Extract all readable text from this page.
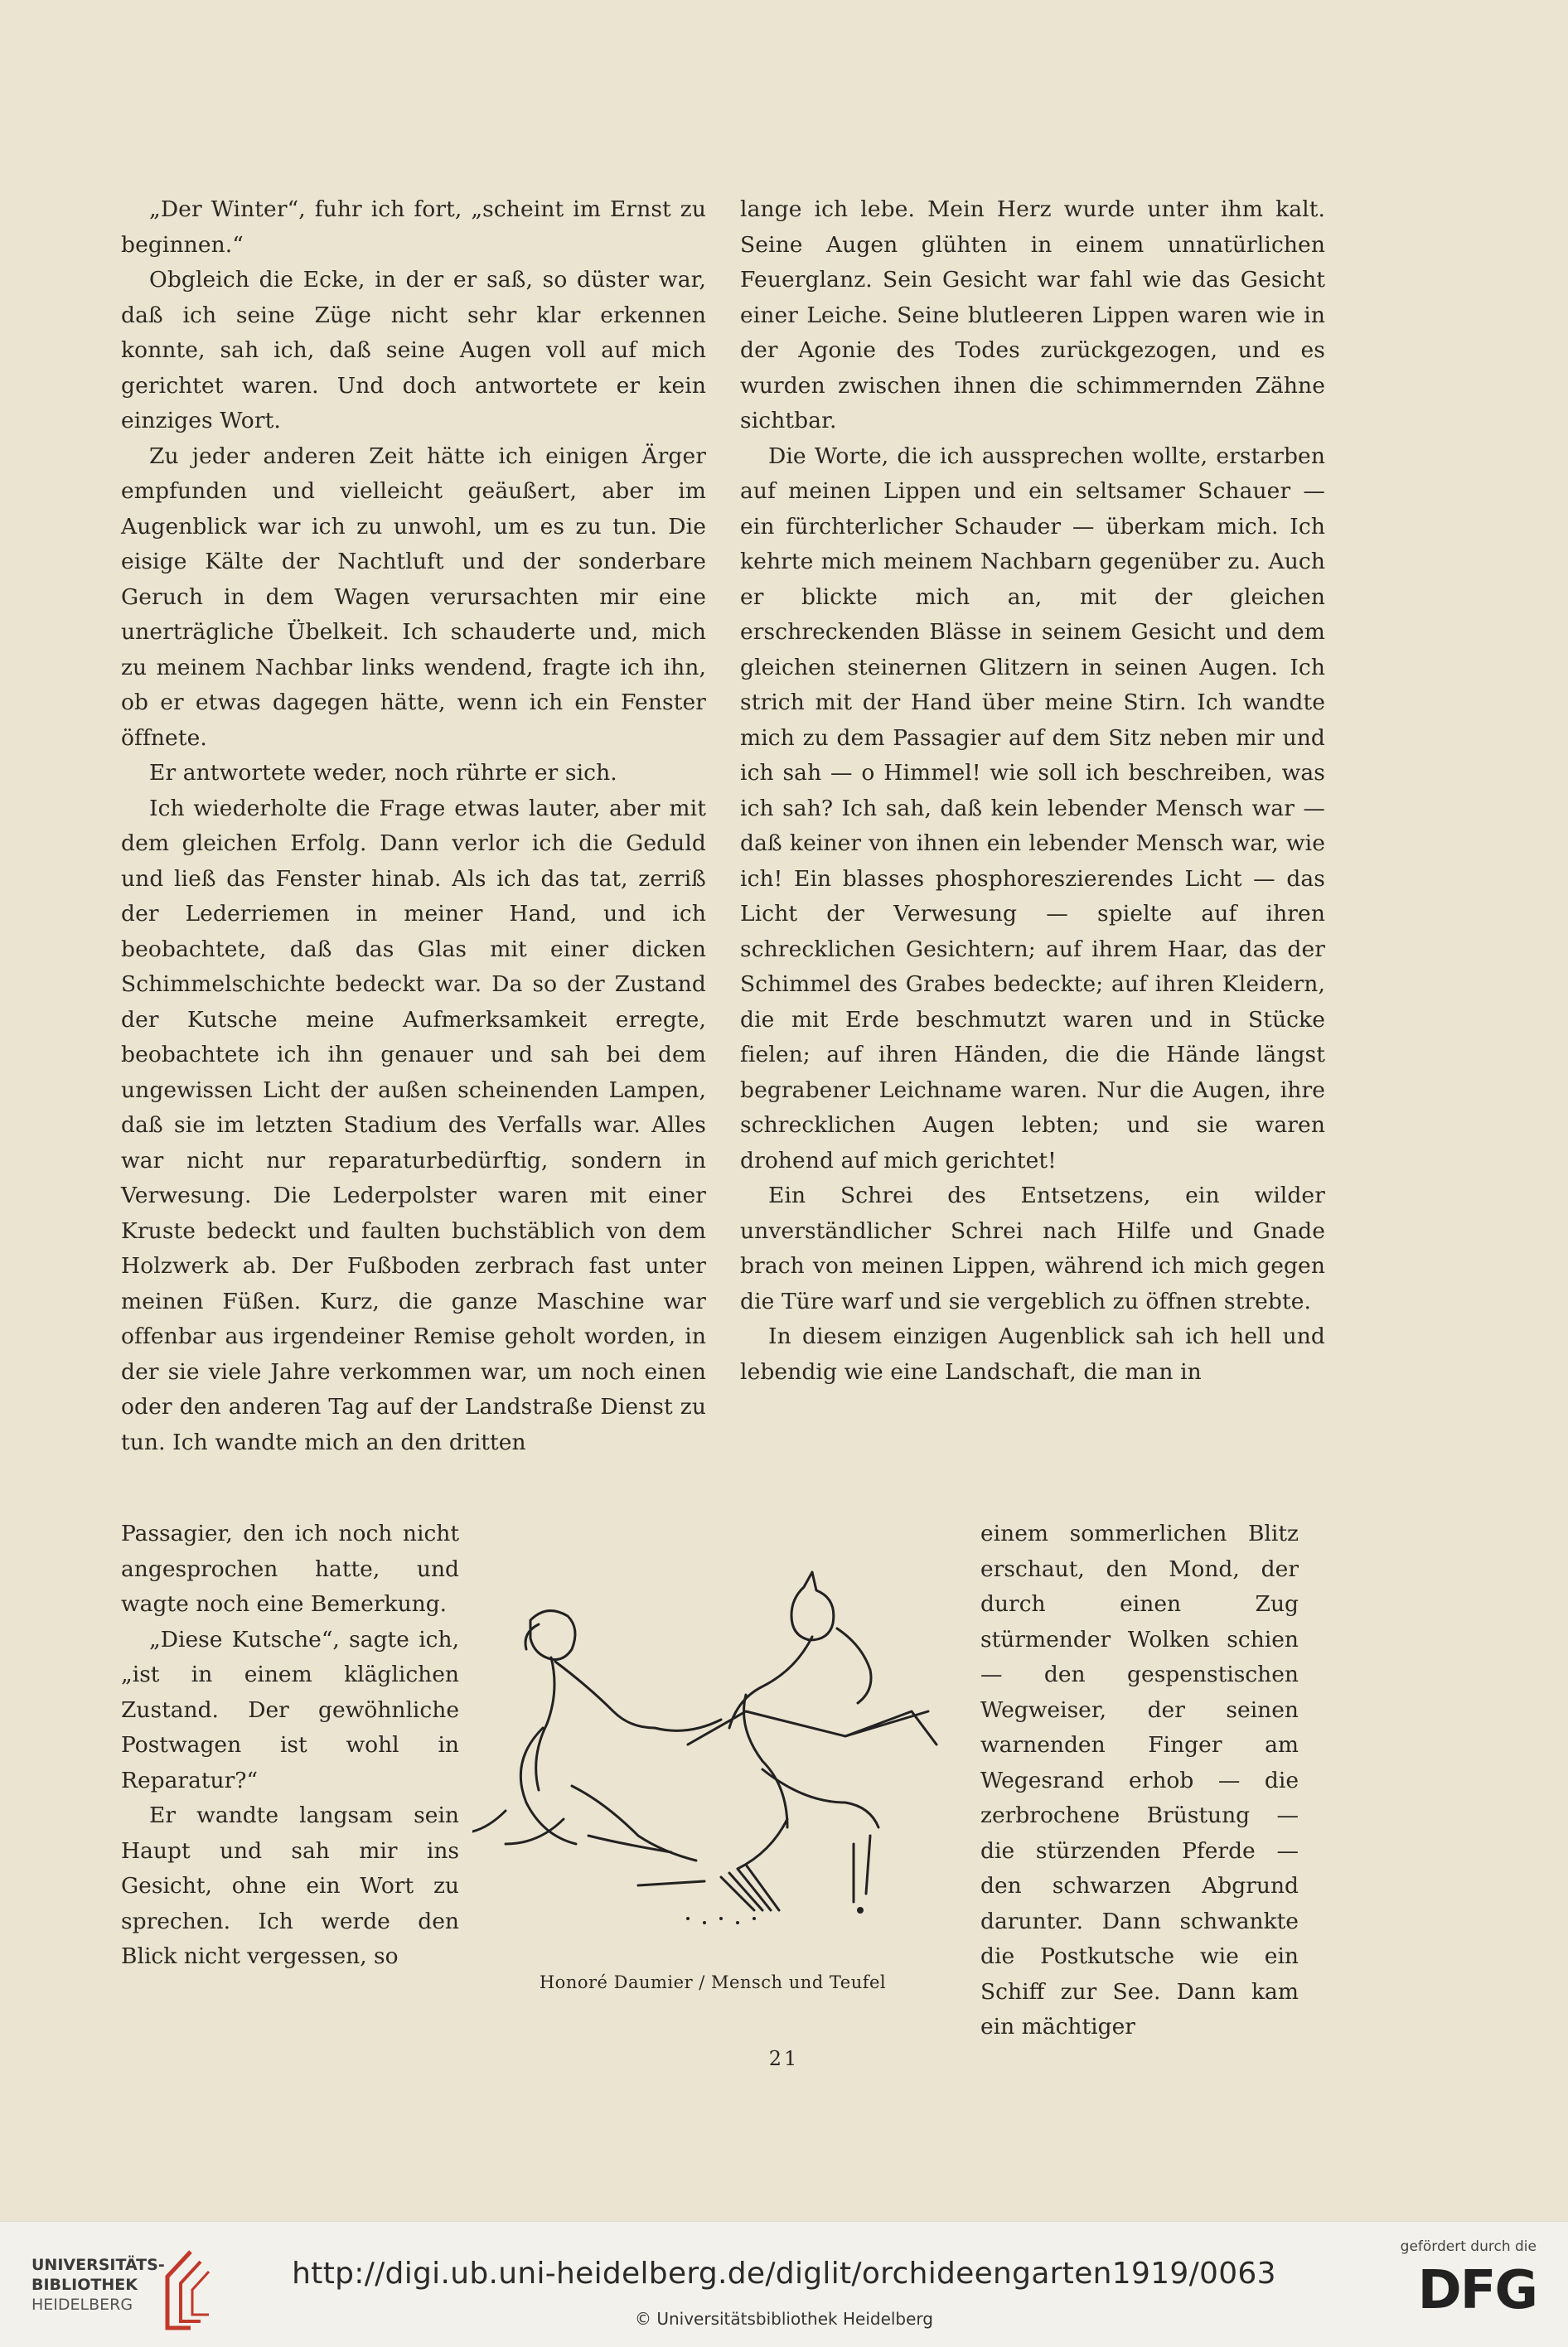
„Der Winter“, fuhr ich fort, „scheint im Ernst zu beginnen.“

Obgleich die Ecke, in der er saß, so düster war, daß ich seine Züge nicht sehr klar erkennen konnte, sah ich, daß seine Augen voll auf mich gerichtet waren. Und doch antwortete er kein einziges Wort.

Zu jeder anderen Zeit hätte ich einigen Ärger empfunden und vielleicht geäußert, aber im Augenblick war ich zu unwohl, um es zu tun. Die eisige Kälte der Nachtluft und der sonderbare Geruch in dem Wagen verursachten mir eine unerträgliche Übelkeit. Ich schauderte und, mich zu meinem Nachbar links wendend, fragte ich ihn, ob er etwas dagegen hätte, wenn ich ein Fenster öffnete.

Er antwortete weder, noch rührte er sich.

Ich wiederholte die Frage etwas lauter, aber mit dem gleichen Erfolg. Dann verlor ich die Geduld und ließ das Fenster hinab. Als ich das tat, zerriß der Lederriemen in meiner Hand, und ich beobachtete, daß das Glas mit einer dicken Schimmelschichte bedeckt war. Da so der Zustand der Kutsche meine Aufmerksamkeit erregte, beobachtete ich ihn genauer und sah bei dem ungewissen Licht der außen scheinenden Lampen, daß sie im letzten Stadium des Verfalls war. Alles war nicht nur reparaturbedürftig, sondern in Verwesung. Die Lederpolster waren mit einer Kruste bedeckt und faulten buchstäblich von dem Holzwerk ab. Der Fußboden zerbrach fast unter meinen Füßen. Kurz, die ganze Maschine war offenbar aus irgendeiner Remise geholt worden, in der sie viele Jahre verkommen war, um noch einen oder den anderen Tag auf der Landstraße Dienst zu tun. Ich wandte mich an den dritten

lange ich lebe. Mein Herz wurde unter ihm kalt. Seine Augen glühten in einem unnatürlichen Feuerglanz. Sein Gesicht war fahl wie das Gesicht einer Leiche. Seine blutleeren Lippen waren wie in der Agonie des Todes zurückgezogen, und es wurden zwischen ihnen die schimmernden Zähne sichtbar.

Die Worte, die ich aussprechen wollte, erstarben auf meinen Lippen und ein seltsamer Schauer — ein fürchterlicher Schauder — überkam mich. Ich kehrte mich meinem Nachbarn gegenüber zu. Auch er blickte mich an, mit der gleichen erschreckenden Blässe in seinem Gesicht und dem gleichen steinernen Glitzern in seinen Augen. Ich strich mit der Hand über meine Stirn. Ich wandte mich zu dem Passagier auf dem Sitz neben mir und ich sah — o Himmel! wie soll ich beschreiben, was ich sah? Ich sah, daß kein lebender Mensch war — daß keiner von ihnen ein lebender Mensch war, wie ich! Ein blasses phosphoreszierendes Licht — das Licht der Verwesung — spielte auf ihren schrecklichen Gesichtern; auf ihrem Haar, das der Schimmel des Grabes bedeckte; auf ihren Kleidern, die mit Erde beschmutzt waren und in Stücke fielen; auf ihren Händen, die die Hände längst begrabener Leichname waren. Nur die Augen, ihre schrecklichen Augen lebten; und sie waren drohend auf mich gerichtet!

Ein Schrei des Entsetzens, ein wilder unverständlicher Schrei nach Hilfe und Gnade brach von meinen Lippen, während ich mich gegen die Türe warf und sie vergeblich zu öffnen strebte.

In diesem einzigen Augenblick sah ich hell und lebendig wie eine Landschaft, die man in

Passagier, den ich noch nicht angesprochen hatte, und wagte noch eine Bemerkung.

„Diese Kutsche“, sagte ich, „ist in einem kläglichen Zustand. Der gewöhnliche Postwagen ist wohl in Reparatur?“

Er wandte langsam sein Haupt und sah mir ins Gesicht, ohne ein Wort zu sprechen. Ich werde den Blick nicht vergessen, so

einem sommerlichen Blitz erschaut, den Mond, der durch einen Zug stürmender Wolken schien — den gespenstischen Wegweiser, der seinen warnenden Finger am Wegesrand erhob — die zerbrochene Brüstung — die stürzenden Pferde — den schwarzen Abgrund darunter. Dann schwankte die Postkutsche wie ein Schiff zur See. Dann kam ein mächtiger
Honoré Daumier / Mensch und Teufel
21
UNIVERSITÄTS-
BIBLIOTHEK
HEIDELBERG
http://digi.ub.uni-heidelberg.de/diglit/orchideengarten1919/0063
© Universitätsbibliothek Heidelberg
gefördert durch die
DFG
